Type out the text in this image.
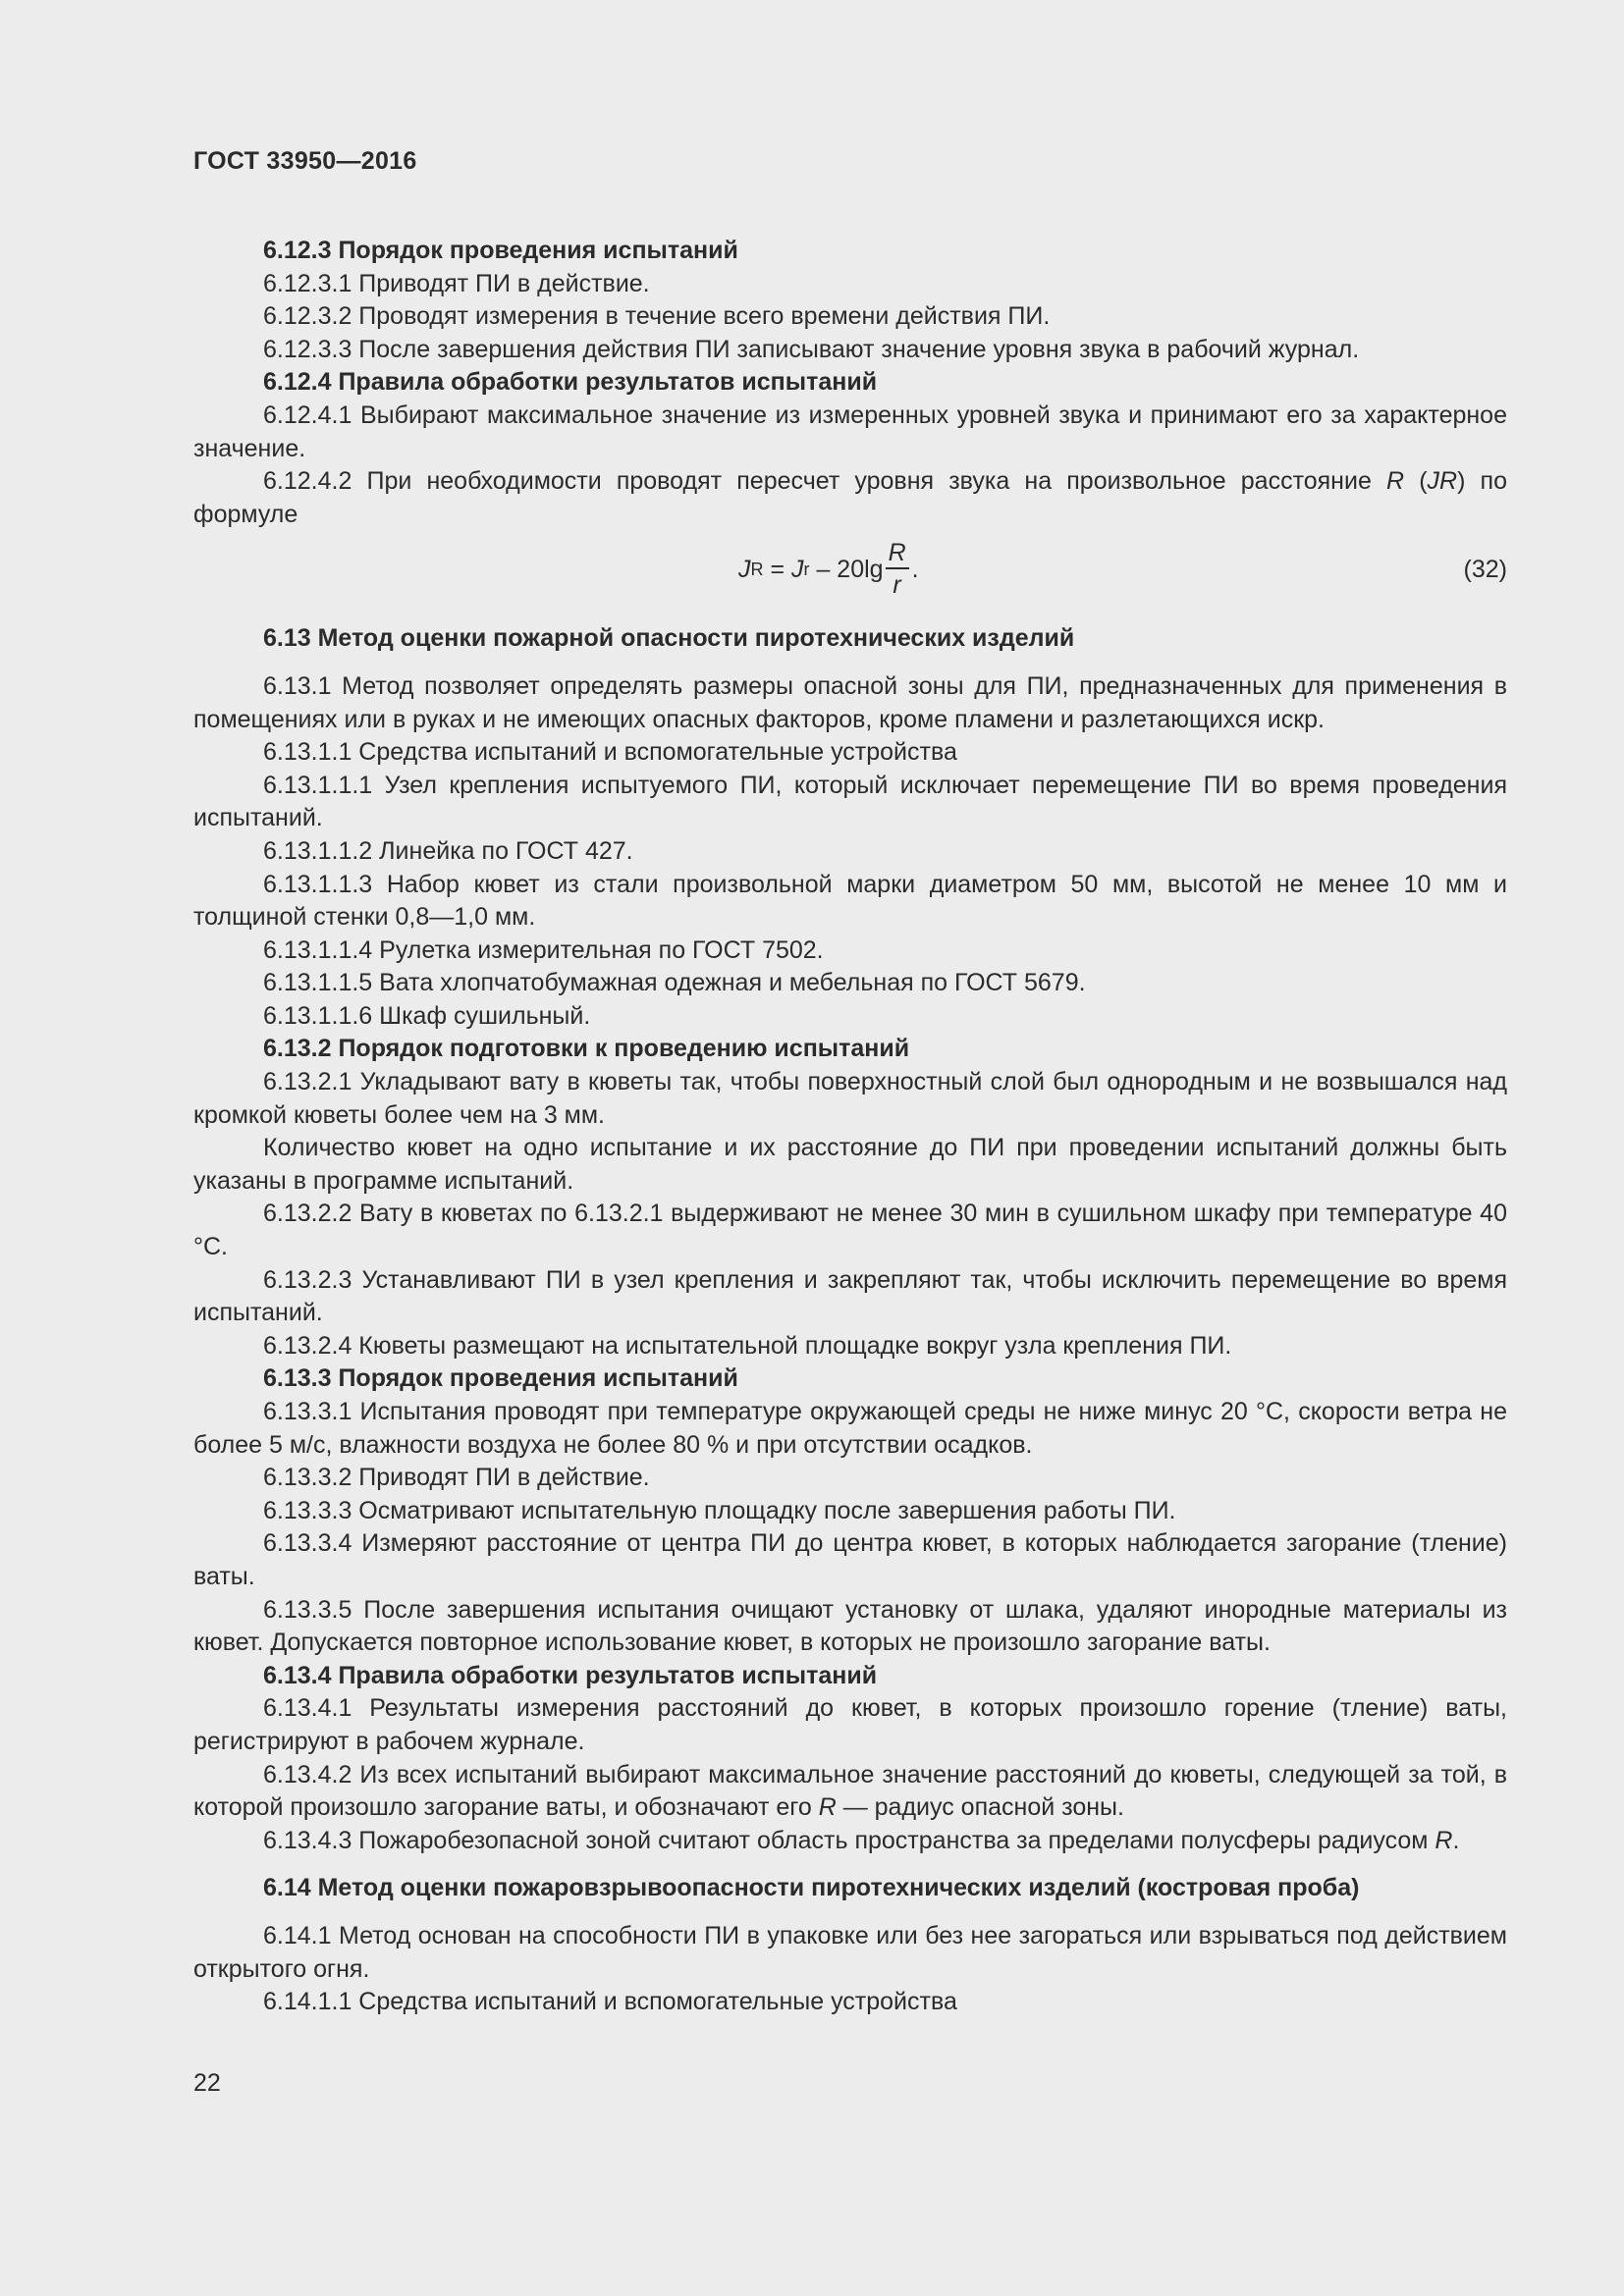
ГОСТ 33950—2016

6.12.3 Порядок проведения испытаний

6.12.3.1 Приводят ПИ в действие.

6.12.3.2 Проводят измерения в течение всего времени действия ПИ.

6.12.3.3 После завершения действия ПИ записывают значение уровня звука в рабочий журнал.

6.12.4 Правила обработки результатов испытаний

6.12.4.1 Выбирают максимальное значение из измеренных уровней звука и принимают его за характерное значение.

6.12.4.2 При необходимости проводят пересчет уровня звука на произвольное расстояние R (JR) по формуле

J R = J r – $20\lg \frac{R}{r}$ .	(32)

6.13 Метод оценки пожарной опасности пиротехнических изделий

6.13.1 Метод позволяет определять размеры опасной зоны для ПИ, предназначенных для применения в помещениях или в руках и не имеющих опасных факторов, кроме пламени и разлетающихся искр.

6.13.1.1 Средства испытаний и вспомогательные устройства

6.13.1.1.1 Узел крепления испытуемого ПИ, который исключает перемещение ПИ во время проведения испытаний.

6.13.1.1.2 Линейка по ГОСТ 427.

6.13.1.1.3 Набор кювет из стали произвольной марки диаметром 50 мм, высотой не менее 10 мм и толщиной стенки 0,8—1,0 мм.

6.13.1.1.4 Рулетка измерительная по ГОСТ 7502.

6.13.1.1.5 Вата хлопчатобумажная одежная и мебельная по ГОСТ 5679.

6.13.1.1.6 Шкаф сушильный.

6.13.2 Порядок подготовки к проведению испытаний

6.13.2.1 Укладывают вату в кюветы так, чтобы поверхностный слой был однородным и не возвышался над кромкой кюветы более чем на 3 мм.

Количество кювет на одно испытание и их расстояние до ПИ при проведении испытаний должны быть указаны в программе испытаний.

6.13.2.2 Вату в кюветах по 6.13.2.1 выдерживают не менее 30 мин в сушильном шкафу при температуре 40 °С.

6.13.2.3 Устанавливают ПИ в узел крепления и закрепляют так, чтобы исключить перемещение во время испытаний.

6.13.2.4 Кюветы размещают на испытательной площадке вокруг узла крепления ПИ.

6.13.3 Порядок проведения испытаний

6.13.3.1 Испытания проводят при температуре окружающей среды не ниже минус 20 °С, скорости ветра не более 5 м/с, влажности воздуха не более 80 % и при отсутствии осадков.

6.13.3.2 Приводят ПИ в действие.

6.13.3.3 Осматривают испытательную площадку после завершения работы ПИ.

6.13.3.4 Измеряют расстояние от центра ПИ до центра кювет, в которых наблюдается загорание (тление) ваты.

6.13.3.5 После завершения испытания очищают установку от шлака, удаляют инородные материалы из кювет. Допускается повторное использование кювет, в которых не произошло загорание ваты.

6.13.4 Правила обработки результатов испытаний

6.13.4.1 Результаты измерения расстояний до кювет, в которых произошло горение (тление) ваты, регистрируют в рабочем журнале.

6.13.4.2 Из всех испытаний выбирают максимальное значение расстояний до кюветы, следующей за той, в которой произошло загорание ваты, и обозначают его R — радиус опасной зоны.

6.13.4.3 Пожаробезопасной зоной считают область пространства за пределами полусферы радиусом R.

6.14 Метод оценки пожаровзрывоопасности пиротехнических изделий (костровая проба)

6.14.1 Метод основан на способности ПИ в упаковке или без нее загораться или взрываться под действием открытого огня.

6.14.1.1 Средства испытаний и вспомогательные устройства

22
